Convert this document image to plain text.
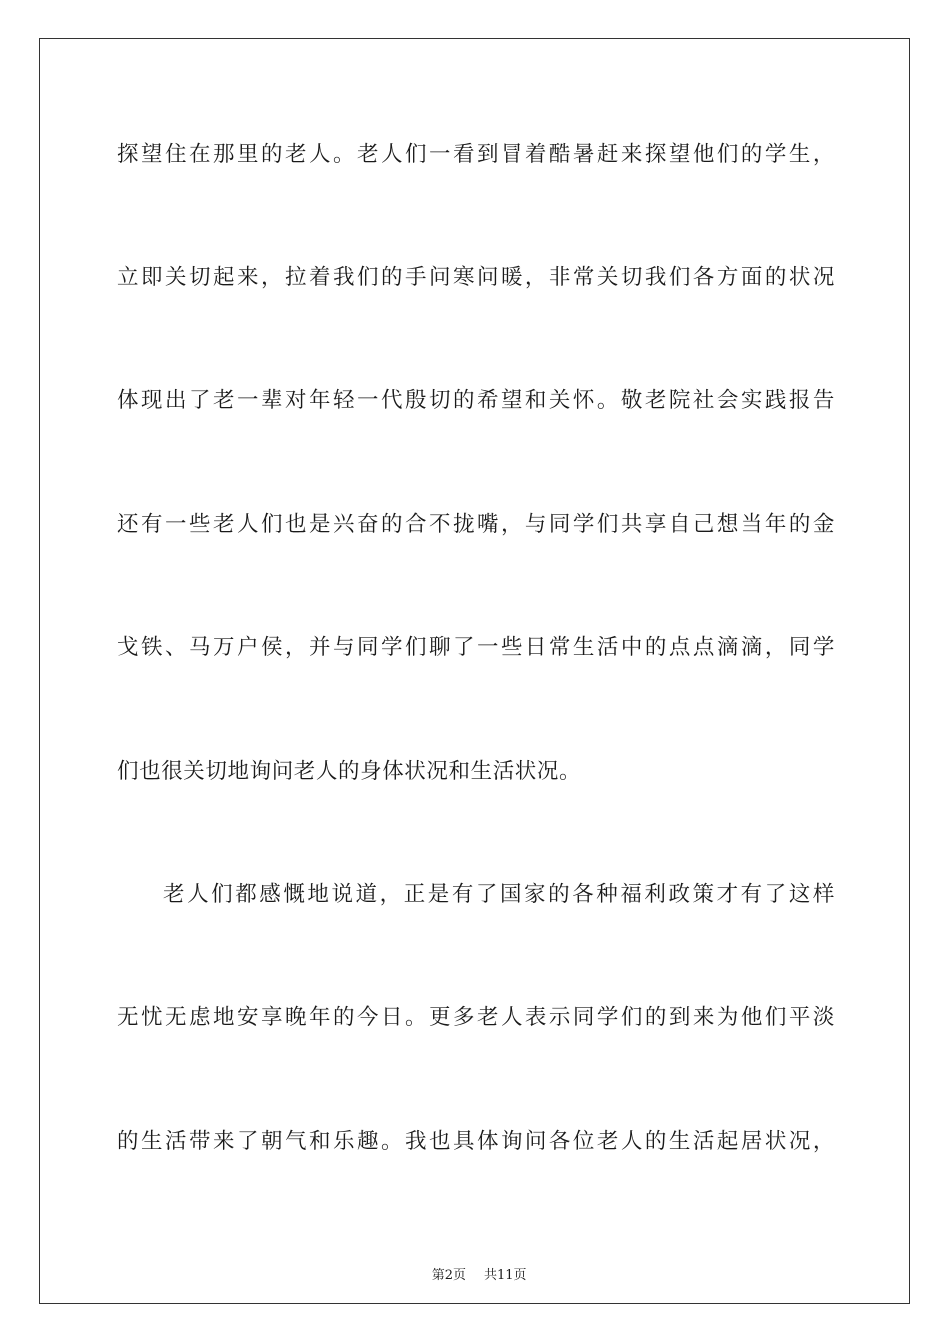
探望住在那里的老人。老人们一看到冒着酷暑赶来探望他们的学生，
立即关切起来，拉着我们的手问寒问暖，非常关切我们各方面的状况
体现出了老一辈对年轻一代殷切的希望和关怀。敬老院社会实践报告
还有一些老人们也是兴奋的合不拢嘴，与同学们共享自己想当年的金
戈铁、马万户侯，并与同学们聊了一些日常生活中的点点滴滴，同学
们也很关切地询问老人的身体状况和生活状况。
老人们都感慨地说道，正是有了国家的各种福利政策才有了这样
无忧无虑地安享晚年的今日。更多老人表示同学们的到来为他们平淡
的生活带来了朝气和乐趣。我也具体询问各位老人的生活起居状况，

第2页 共11页
